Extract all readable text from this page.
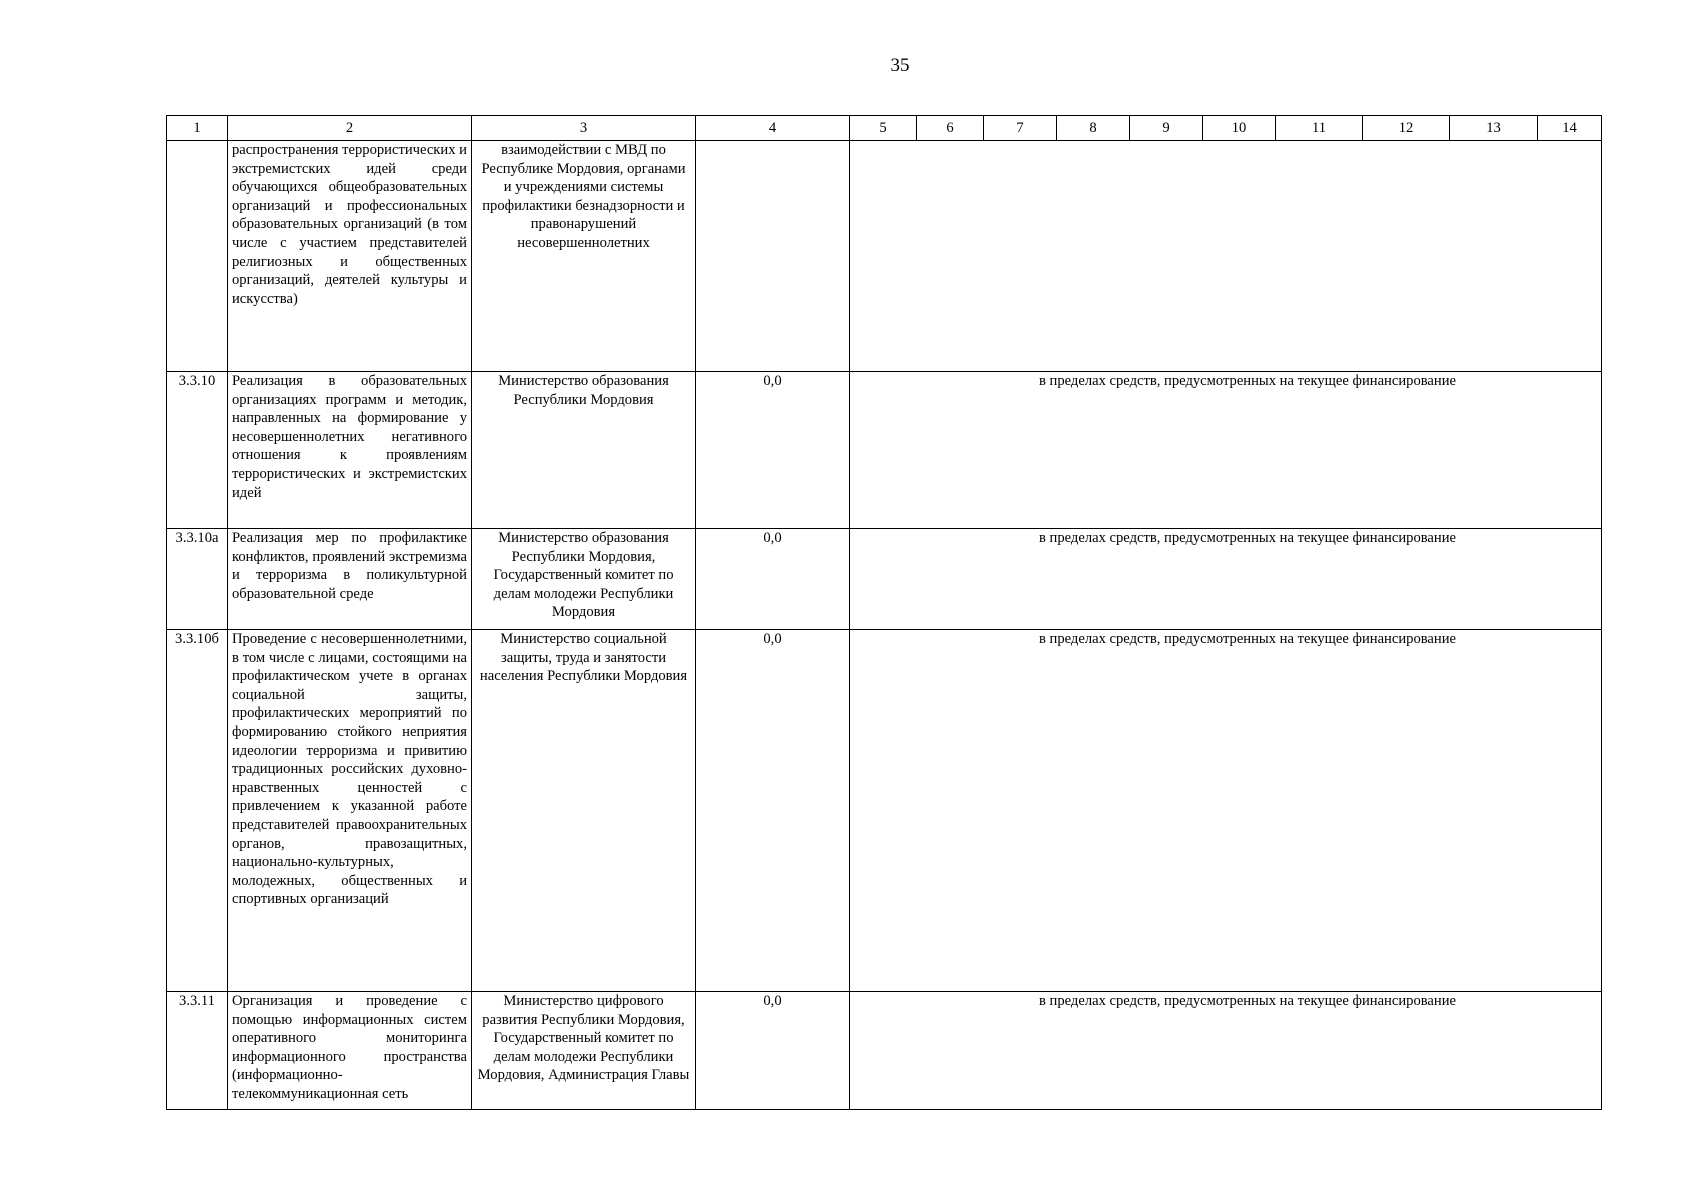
35
1	2	3	4	5	6	7	8	9	10	11	12	13	14
	распространения террористических и экстремистских идей среди обучающихся общеобразовательных организаций и профессиональных образовательных организаций (в том числе с участием представителей религиозных и общественных организаций, деятелей культуры и искусства)	взаимодействии с МВД по Республике Мордовия, органами и учреждениями системы профилактики безнадзорности и правонарушений несовершеннолетних											
3.3.10	Реализация в образовательных организациях программ и методик, направленных на формирование у несовершеннолетних негативного отношения к проявлениям террористических и экстремистских идей	Министерство образования Республики Мордовия	0,0	в пределах средств, предусмотренных на текущее финансирование									
3.3.10а	Реализация мер по профилактике конфликтов, проявлений экстремизма и терроризма в поликультурной образовательной среде	Министерство образования Республики Мордовия, Государственный комитет по делам молодежи Республики Мордовия	0,0	в пределах средств, предусмотренных на текущее финансирование									
3.3.10б	Проведение с несовершеннолетними, в том числе с лицами, состоящими на профилактическом учете в органах социальной защиты, профилактических мероприятий по формированию стойкого неприятия идеологии терроризма и привитию традиционных российских духовно-нравственных ценностей с привлечением к указанной работе представителей правоохранительных органов, правозащитных, национально-культурных, молодежных, общественных и спортивных организаций	Министерство социальной защиты, труда и занятости населения Республики Мордовия	0,0	в пределах средств, предусмотренных на текущее финансирование									
3.3.11	Организация и проведение с помощью информационных систем оперативного мониторинга информационного пространства (информационно-телекоммуникационная сеть	Министерство цифрового развития Республики Мордовия, Государственный комитет по делам молодежи Республики Мордовия, Администрация Главы	0,0	в пределах средств, предусмотренных на текущее финансирование									
